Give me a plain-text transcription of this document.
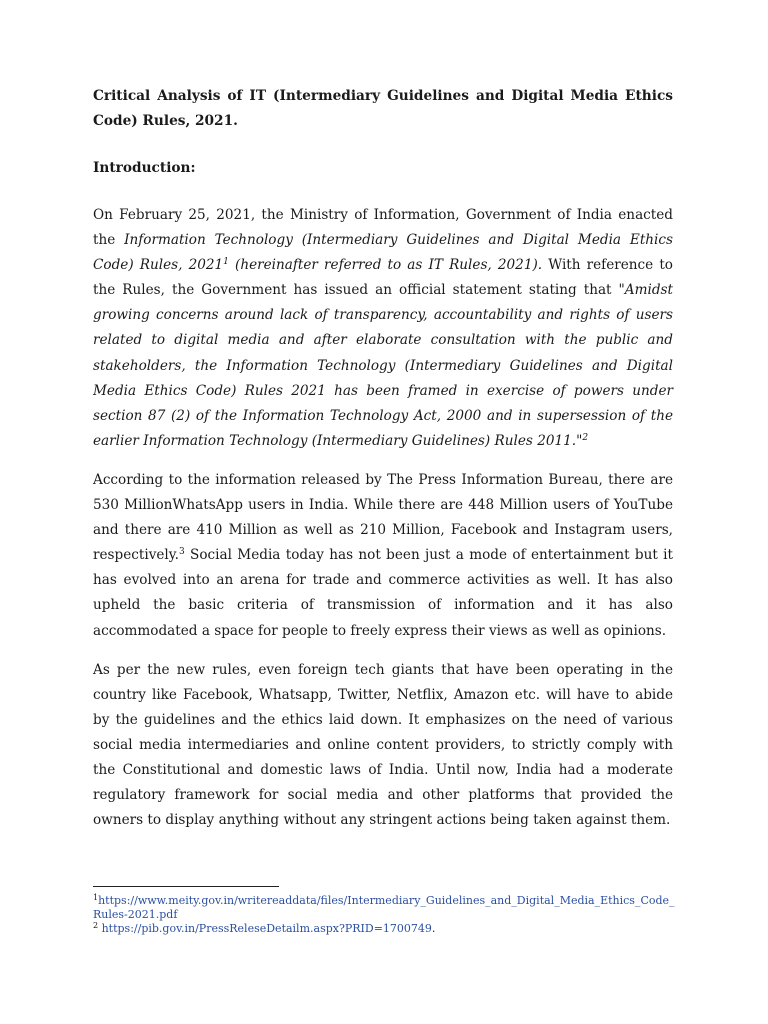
Critical Analysis of IT (Intermediary Guidelines and Digital Media Ethics Code) Rules, 2021.

Introduction:

On February 25, 2021, the Ministry of Information, Government of India enacted the Information Technology (Intermediary Guidelines and Digital Media Ethics Code) Rules, 2021$^1$ (hereinafter referred to as IT Rules, 2021). With reference to the Rules, the Government has issued an official statement stating that "Amidst growing concerns around lack of transparency, accountability and rights of users related to digital media and after elaborate consultation with the public and stakeholders, the Information Technology (Intermediary Guidelines and Digital Media Ethics Code) Rules 2021 has been framed in exercise of powers under section 87 (2) of the Information Technology Act, 2000 and in supersession of the earlier Information Technology (Intermediary Guidelines) Rules 2011."$^2$

According to the information released by The Press Information Bureau, there are 530 MillionWhatsApp users in India. While there are 448 Million users of YouTube and there are 410 Million as well as 210 Million, Facebook and Instagram users, respectively.$^3$ Social Media today has not been just a mode of entertainment but it has evolved into an arena for trade and commerce activities as well. It has also upheld the basic criteria of transmission of information and it has also accommodated a space for people to freely express their views as well as opinions.

As per the new rules, even foreign tech giants that have been operating in the country like Facebook, Whatsapp, Twitter, Netflix, Amazon etc. will have to abide by the guidelines and the ethics laid down. It emphasizes on the need of various social media intermediaries and online content providers, to strictly comply with the Constitutional and domestic laws of India. Until now, India had a moderate regulatory framework for social media and other platforms that provided the owners to display anything without any stringent actions being taken against them.

$^1$https://www.meity.gov.in/writereaddata/files/Intermediary_Guidelines_and_Digital_Media_Ethics_Code_Rules-2021.pdf

$^2$ https://pib.gov.in/PressReleseDetailm.aspx?PRID=1700749.
